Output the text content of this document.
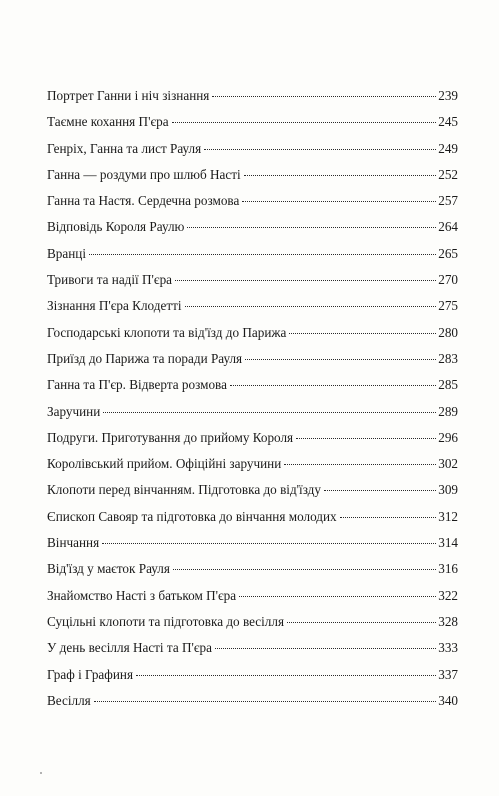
Портрет Ганни і ніч зізнання	239
Таємне кохання П'єра	245
Генріх, Ганна та лист Рауля	249
Ганна — роздуми про шлюб Насті	252
Ганна та Настя. Сердечна розмова	257
Відповідь Короля Раулю	264
Вранці	265
Тривоги та надії П'єра	270
Зізнання П'єра Клодетті	275
Господарські клопоти та від'їзд до Парижа	280
Приїзд до Парижа та поради Рауля	283
Ганна та П'єр. Відверта розмова	285
Заручини	289
Подруги. Приготування до прийому Короля	296
Королівський прийом. Офіційні заручини	302
Клопоти перед вінчанням. Підготовка до від'їзду	309
Єпископ Савояр та підготовка до вінчання молодих	312
Вінчання	314
Від'їзд у маєток Рауля	316
Знайомство Насті з батьком П'єра	322
Суцільні клопоти та підготовка до весілля	328
У день весілля Насті та П'єра	333
Граф і Графиня	337
Весілля	340
